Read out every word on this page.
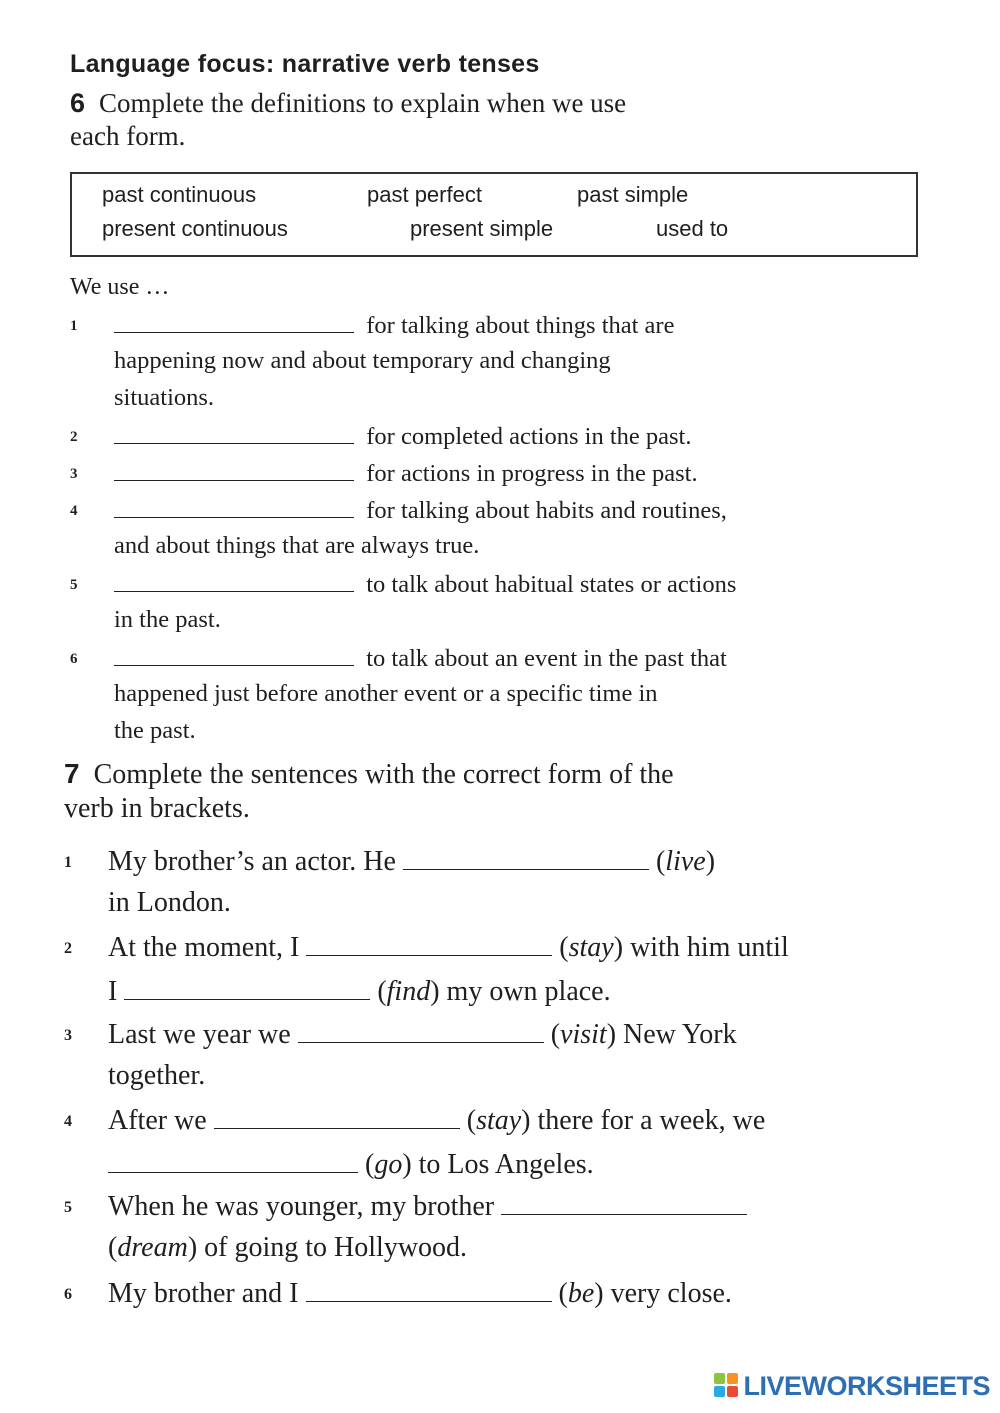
Language focus: narrative verb tenses
6 Complete the definitions to explain when we use
each form.
past continuous	past perfect	past simple
present continuous	present simple	used to
We use …
1	for talking about things that are
happening now and about temporary and changing
situations.
2	for completed actions in the past.
3	for actions in progress in the past.
4	for talking about habits and routines,
and about things that are always true.
5	to talk about habitual states or actions
in the past.
6	to talk about an event in the past that
happened just before another event or a specific time in
the past.
7 Complete the sentences with the correct form of the
verb in brackets.
1 My brother’s an actor. He	(live)
in London.
2 At the moment, I	(stay) with him until
I	(find) my own place.
3 Last we year we	(visit) New York
together.
4 After we	(stay) there for a week, we
(go) to Los Angeles.
5 When he was younger, my brother
(dream) of going to Hollywood.
6 My brother and I	(be) very close.
LIVEWORKSHEETS
